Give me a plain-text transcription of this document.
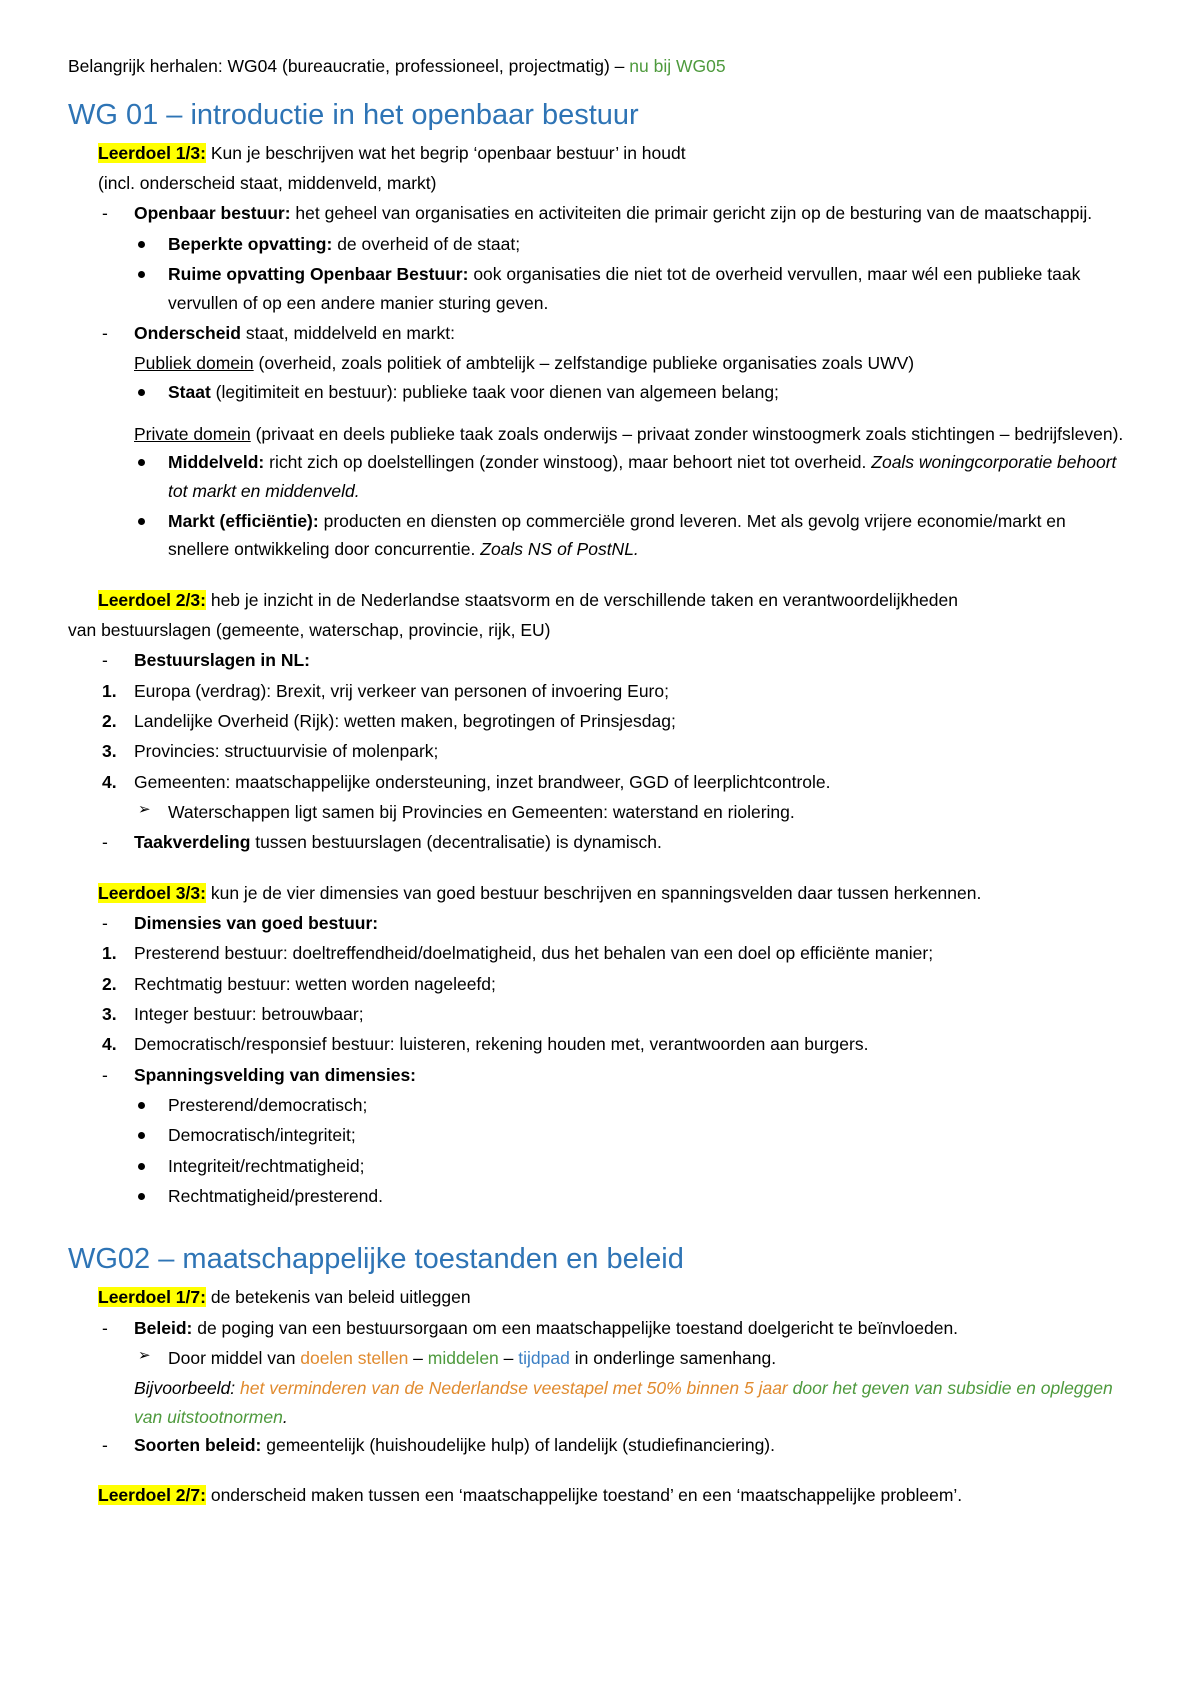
Belangrijk herhalen: WG04 (bureaucratie, professioneel, projectmatig) – nu bij WG05
WG 01 – introductie in het openbaar bestuur
Leerdoel 1/3: Kun je beschrijven wat het begrip ‘openbaar bestuur’ in houdt
(incl. onderscheid staat, middenveld, markt)
- Openbaar bestuur: het geheel van organisaties en activiteiten die primair gericht zijn op de besturing van de maatschappij.
Beperkte opvatting: de overheid of de staat;
Ruime opvatting Openbaar Bestuur: ook organisaties die niet tot de overheid vervullen, maar wél een publieke taak vervullen of op een andere manier sturing geven.
- Onderscheid staat, middelveld en markt:
Publiek domein (overheid, zoals politiek of ambtelijk – zelfstandige publieke organisaties zoals UWV)
Staat (legitimiteit en bestuur): publieke taak voor dienen van algemeen belang;
Private domein (privaat en deels publieke taak zoals onderwijs – privaat zonder winstoogmerk zoals stichtingen – bedrijfsleven).
Middelveld: richt zich op doelstellingen (zonder winstoog), maar behoort niet tot overheid. Zoals woningcorporatie behoort tot markt en middenveld.
Markt (efficiëntie): producten en diensten op commerciële grond leveren. Met als gevolg vrijere economie/markt en snellere ontwikkeling door concurrentie. Zoals NS of PostNL.
Leerdoel 2/3: heb je inzicht in de Nederlandse staatsvorm en de verschillende taken en verantwoordelijkheden
van bestuurslagen (gemeente, waterschap, provincie, rijk, EU)
- Bestuurslagen in NL:
1. Europa (verdrag): Brexit, vrij verkeer van personen of invoering Euro;
2. Landelijke Overheid (Rijk): wetten maken, begrotingen of Prinsjesdag;
3. Provincies: structuurvisie of molenpark;
4. Gemeenten: maatschappelijke ondersteuning, inzet brandweer, GGD of leerplichtcontrole.
➢ Waterschappen ligt samen bij Provincies en Gemeenten: waterstand en riolering.
- Taakverdeling tussen bestuurslagen (decentralisatie) is dynamisch.
Leerdoel 3/3: kun je de vier dimensies van goed bestuur beschrijven en spanningsvelden daar tussen herkennen.
- Dimensies van goed bestuur:
1. Presterend bestuur: doeltreffendheid/doelmatigheid, dus het behalen van een doel op efficiënte manier;
2. Rechtmatig bestuur: wetten worden nageleefd;
3. Integer bestuur: betrouwbaar;
4. Democratisch/responsief bestuur: luisteren, rekening houden met, verantwoorden aan burgers.
- Spanningsvelding van dimensies:
Presterend/democratisch;
Democratisch/integriteit;
Integriteit/rechtmatigheid;
Rechtmatigheid/presterend.
WG02 – maatschappelijke toestanden en beleid
Leerdoel 1/7: de betekenis van beleid uitleggen
- Beleid: de poging van een bestuursorgaan om een maatschappelijke toestand doelgericht te beïnvloeden.
➢ Door middel van doelen stellen – middelen – tijdpad in onderlinge samenhang.
Bijvoorbeeld: het verminderen van de Nederlandse veestapel met 50% binnen 5 jaar door het geven van subsidie en opleggen van uitstootnormen.
- Soorten beleid: gemeentelijk (huishoudelijke hulp) of landelijk (studiefinanciering).
Leerdoel 2/7: onderscheid maken tussen een ‘maatschappelijke toestand’ en een ‘maatschappelijke probleem’.
